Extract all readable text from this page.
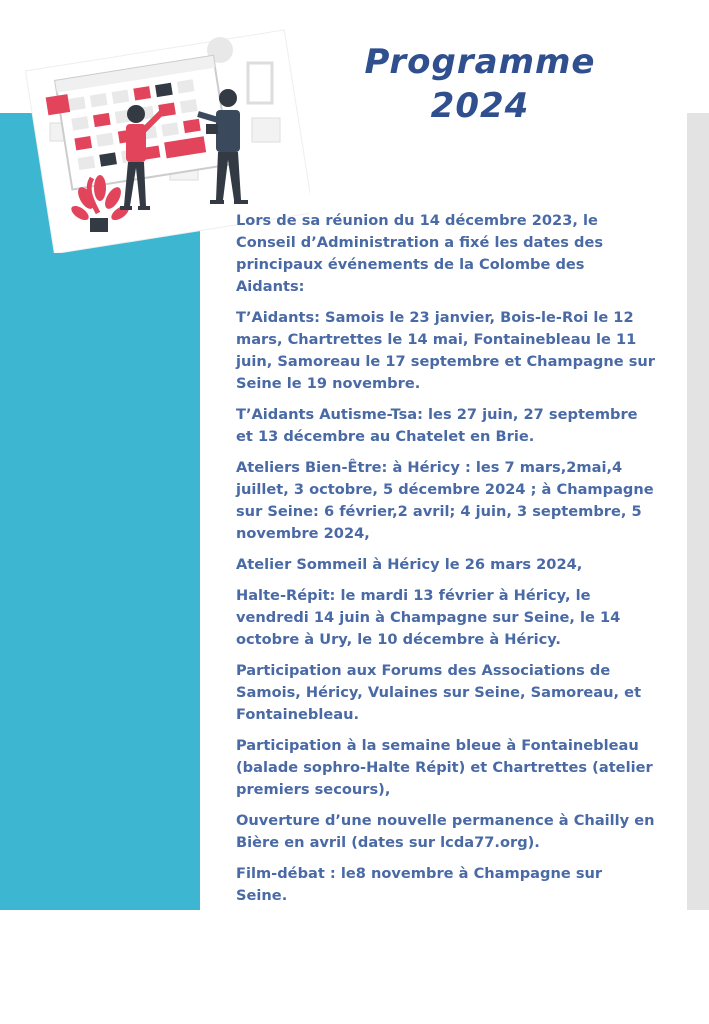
Programme
2024

Lors de sa réunion du 14 décembre 2023, le Conseil d’Administration a fixé les dates des principaux événements de la Colombe des Aidants:

T’Aidants: Samois le 23 janvier, Bois-le-Roi le 12 mars, Chartrettes le 14 mai, Fontainebleau le 11 juin, Samoreau le 17 septembre et Champagne sur Seine le 19 novembre.

T’Aidants Autisme-Tsa: les 27 juin, 27 septembre et 13 décembre au Chatelet en Brie.

Ateliers Bien-Être: à Héricy : les 7 mars,2mai,4 juillet, 3 octobre, 5 décembre 2024 ; à Champagne sur Seine: 6 février,2 avril; 4 juin, 3 septembre, 5 novembre 2024,

Atelier Sommeil à Héricy le 26 mars 2024,

Halte-Répit: le mardi 13 février à Héricy, le vendredi 14 juin à Champagne sur Seine, le 14 octobre à Ury, le 10 décembre à Héricy.

Participation aux Forums des Associations de Samois, Héricy, Vulaines sur Seine, Samoreau, et Fontainebleau.

Participation à la semaine bleue à Fontainebleau (balade sophro-Halte Répit) et Chartrettes (atelier premiers secours),

Ouverture d’une nouvelle permanence à Chailly en Bière en avril (dates sur lcda77.org).

Film-débat : le8 novembre à Champagne sur Seine.
